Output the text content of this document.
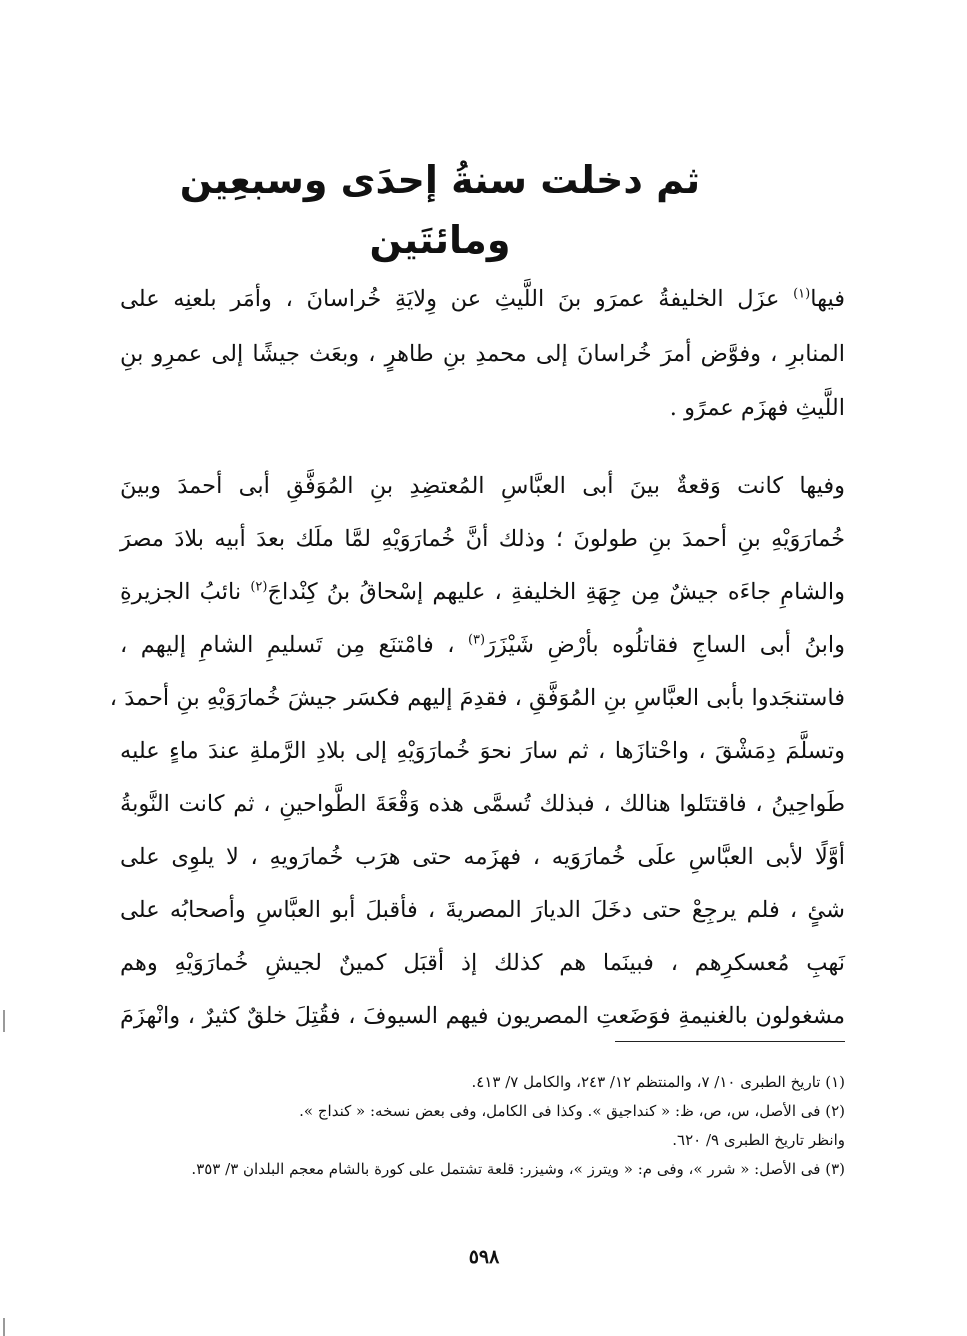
ثم دخلت سنةُ إحدَى وسبعِين ومائتَين
فيها$^{(١)}$ عزَل الخليفةُ عمرَو بنَ اللَّيثِ عن وِلايَةِ خُراسانَ ، وأمَر بلعنِه على
المنابرِ ، وفوَّض أمرَ خُراسانَ إلى محمدِ بنِ طاهرٍ ، وبعَث جيشًا إلى عمرِو بنِ
اللَّيثِ فهزَم عمرًو .
وفيها كانت وَقعةٌ بينَ أبى العبَّاسِ المُعتضِدِ بنِ المُوَفَّقِ أبى أحمدَ وبينَ
خُمارَوَيْهِ بنِ أحمدَ بنِ طولونَ ؛ وذلك أنَّ خُمارَوَيْهِ لمَّا ملَك بعدَ أبيه بلادَ مصرَ
والشامِ جاءَه جيشٌ مِن جِهَةِ الخليفةِ ، عليهم إسْحاقُ بنُ كِنْداجَ$^{(٢)}$ نائبُ الجزيرةِ
وابنُ أبى الساجِ فقاتلُوه بأرْضِ شَيْزَرَ$^{(٣)}$ ، فامْتنَع مِن تَسليمِ الشامِ إليهم ،
فاستنجَدوا بأبى العبَّاسِ بنِ المُوَفَّقِ ، فقدِمَ إليهم فكسَر جيشَ خُمارَوَيْهِ بنِ أحمدَ ،
وتسلَّمَ دِمَشْقَ ، واحْتازَها ، ثم سارَ نحوَ خُمارَوَيْهِ إلى بلادِ الرَّملةِ عندَ ماءٍ عليه
طَواحِينُ ، فاقتتَلوا هنالك ، فبذلك تُسمَّى هذه وَقْعَةَ الطَّواحينِ ، ثم كانت النَّوبةُ
أوَّلًا لأبى العبَّاسِ علَى خُمارَوَيه ، فهزَمه حتى هرَب خُمارَويهِ ، لا يلوِى على
شئٍ ، فلم يرجِعْ حتى دخَلَ الديارَ المصريةَ ، فأقبلَ أبو العبَّاسِ وأصحابُه على
نَهبِ مُعسكرِهم ، فبينَما هم كذلك إذ أقبَل كمينٌ لجيشِ خُمارَوَيْهِ وهم
مشغولون بالغنيمةِ فوَضَعتِ المصريون فيهم السيوفَ ، فقُتِلَ خلقٌ كثيرٌ ، وانْهزَمَ
(١) تاريخ الطبرى ١٠/ ٧، والمنتظم ١٢/ ٢٤٣، والكامل ٧/ ٤١٣.
(٢) فى الأصل، س، ص، ظ: « كنداجيق ». وكذا فى الكامل، وفى بعض نسخه: « كنداج ».
وانظر تاريخ الطبرى ٩/ ٦٢٠.
(٣) فى الأصل: « شرر »، وفى م: « ويترز »، وشيزر: قلعة تشتمل على كورة بالشام معجم البلدان ٣/ ٣٥٣.
٥٩٨
